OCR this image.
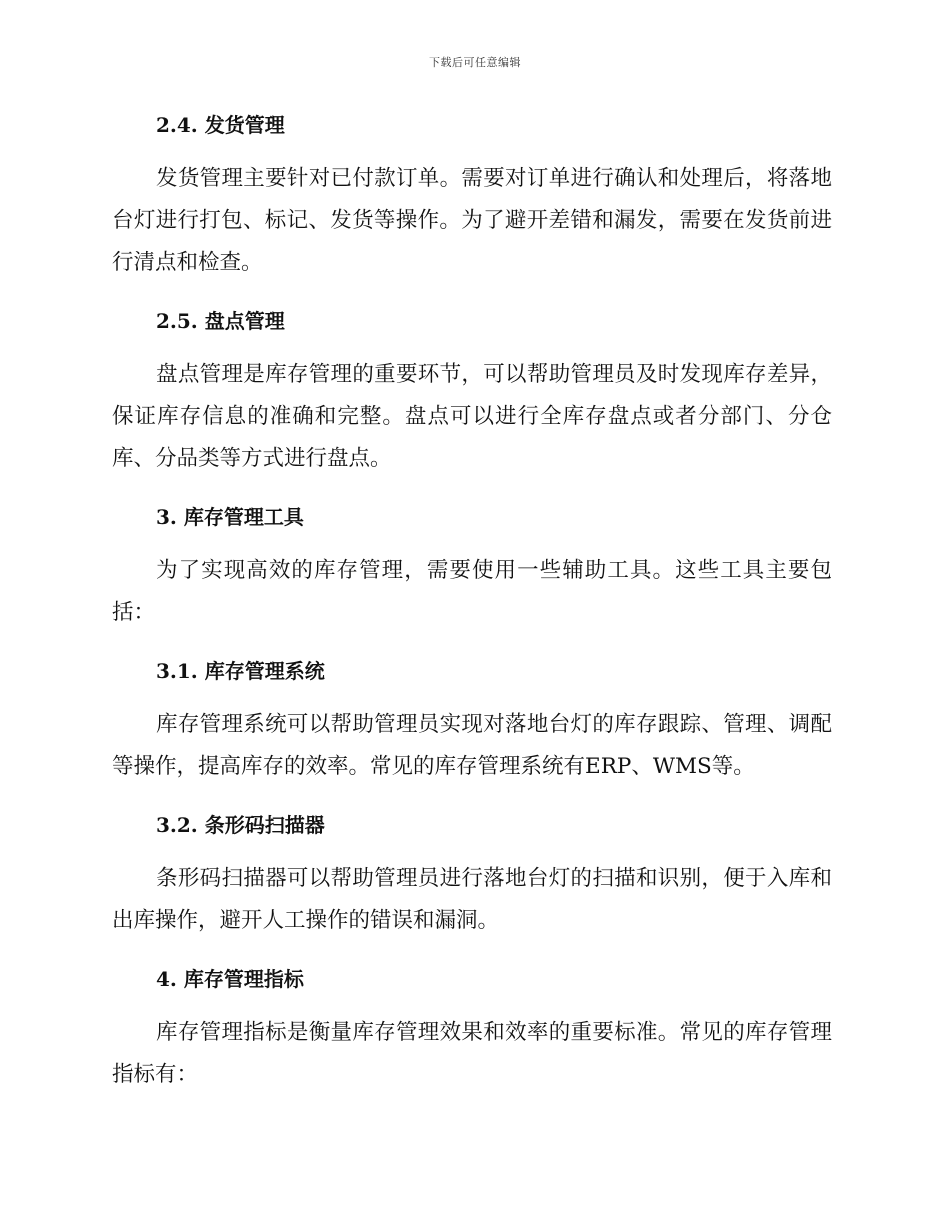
下载后可任意编辑
2.4. 发货管理

发货管理主要针对已付款订单。需要对订单进行确认和处理后，将落地台灯进行打包、标记、发货等操作。为了避开差错和漏发，需要在发货前进行清点和检查。

2.5. 盘点管理

盘点管理是库存管理的重要环节，可以帮助管理员及时发现库存差异，保证库存信息的准确和完整。盘点可以进行全库存盘点或者分部门、分仓库、分品类等方式进行盘点。

3. 库存管理工具

为了实现高效的库存管理，需要使用一些辅助工具。这些工具主要包括：

3.1. 库存管理系统

库存管理系统可以帮助管理员实现对落地台灯的库存跟踪、管理、调配等操作，提高库存的效率。常见的库存管理系统有ERP、WMS等。

3.2. 条形码扫描器

条形码扫描器可以帮助管理员进行落地台灯的扫描和识别，便于入库和出库操作，避开人工操作的错误和漏洞。

4. 库存管理指标

库存管理指标是衡量库存管理效果和效率的重要标准。常见的库存管理指标有：
